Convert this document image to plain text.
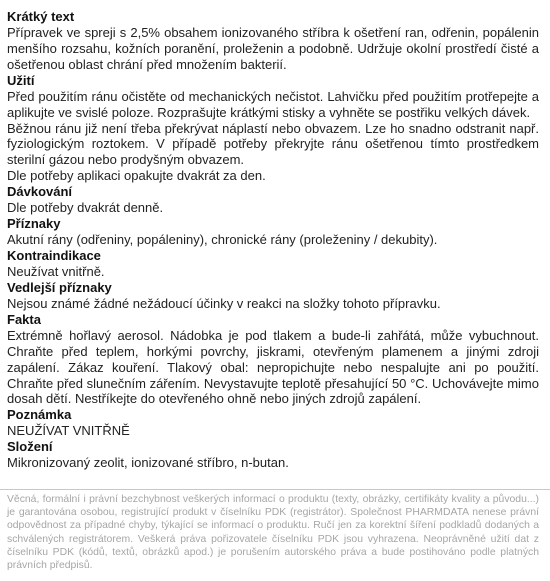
Krátký text

Přípravek ve spreji s 2,5% obsahem ionizovaného stříbra k ošetření ran, odřenin, popálenin menšího rozsahu, kožních poranění, proleženin a podobně. Udržuje okolní prostředí čisté a ošetřenou oblast chrání před množením bakterií.

Užití

Před použitím ránu očistěte od mechanických nečistot. Lahvičku před použitím protřepejte a aplikujte ve svislé poloze. Rozprašujte krátkými stisky a vyhněte se postřiku velkých dávek.

Běžnou ránu již není třeba překrývat náplastí nebo obvazem. Lze ho snadno odstranit např. fyziologickým roztokem. V případě potřeby překryjte ránu ošetřenou tímto prostředkem sterilní gázou nebo prodyšným obvazem.

Dle potřeby aplikaci opakujte dvakrát za den.

Dávkování

Dle potřeby dvakrát denně.

Příznaky

Akutní rány (odřeniny, popáleniny), chronické rány (proleženiny / dekubity).

Kontraindikace

Neužívat vnitřně.

Vedlejší příznaky

Nejsou známé žádné nežádoucí účinky v reakci na složky tohoto přípravku.

Fakta

Extrémně hořlavý aerosol. Nádobka je pod tlakem a bude-li zahřátá, může vybuchnout. Chraňte před teplem, horkými povrchy, jiskrami, otevřeným plamenem a jinými zdroji zapálení. Zákaz kouření. Tlakový obal: nepropichujte nebo nespalujte ani po použití. Chraňte před slunečním zářením. Nevystavujte teplotě přesahující 50 °C. Uchovávejte mimo dosah dětí. Nestříkejte do otevřeného ohně nebo jiných zdrojů zapálení.

Poznámka

NEUŽÍVAT VNITŘNĚ

Složení

Mikronizovaný zeolit, ionizované stříbro, n-butan.

Věcná, formální i právní bezchybnost veškerých informací o produktu (texty, obrázky, certifikáty kvality a původu...) je garantována osobou, registrující produkt v číselníku PDK (registrátor). Společnost PHARMDATA nenese právní odpovědnost za případné chyby, týkající se informací o produktu. Ručí jen za korektní šíření podkladů dodaných a schválených registrátorem. Veškerá práva pořizovatele číselníku PDK jsou vyhrazena. Neoprávněné užití dat z číselníku PDK (kódů, textů, obrázků apod.) je porušením autorského práva a bude postihováno podle platných právních předpisů.
